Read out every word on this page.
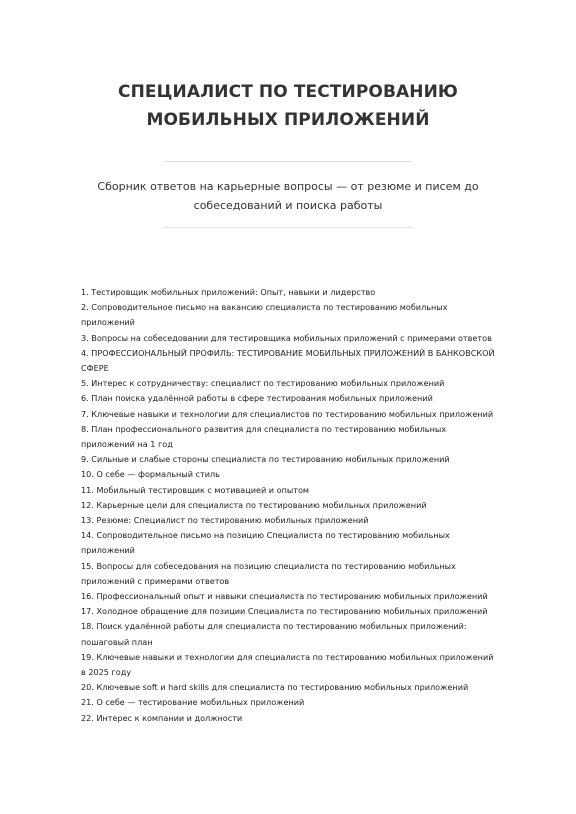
СПЕЦИАЛИСТ ПО ТЕСТИРОВАНИЮ
МОБИЛЬНЫХ ПРИЛОЖЕНИЙ
Сборник ответов на карьерные вопросы — от резюме и писем до собеседований и поиска работы
1. Тестировщик мобильных приложений: Опыт, навыки и лидерство
2. Сопроводительное письмо на вакансию специалиста по тестированию мобильных приложений
3. Вопросы на собеседовании для тестировщика мобильных приложений с примерами ответов
4. ПРОФЕССИОНАЛЬНЫЙ ПРОФИЛЬ: ТЕСТИРОВАНИЕ МОБИЛЬНЫХ ПРИЛОЖЕНИЙ В БАНКОВСКОЙ СФЕРЕ
5. Интерес к сотрудничеству: специалист по тестированию мобильных приложений
6. План поиска удалённой работы в сфере тестирования мобильных приложений
7. Ключевые навыки и технологии для специалистов по тестированию мобильных приложений
8. План профессионального развития для специалиста по тестированию мобильных приложений на 1 год
9. Сильные и слабые стороны специалиста по тестированию мобильных приложений
10. О себе — формальный стиль
11. Мобильный тестировщик с мотивацией и опытом
12. Карьерные цели для специалиста по тестированию мобильных приложений
13. Резюме: Специалист по тестированию мобильных приложений
14. Сопроводительное письмо на позицию Специалиста по тестированию мобильных приложений
15. Вопросы для собеседования на позицию специалиста по тестированию мобильных приложений с примерами ответов
16. Профессиональный опыт и навыки специалиста по тестированию мобильных приложений
17. Холодное обращение для позиции Специалиста по тестированию мобильных приложений
18. Поиск удалённой работы для специалиста по тестированию мобильных приложений: пошаговый план
19. Ключевые навыки и технологии для специалиста по тестированию мобильных приложений в 2025 году
20. Ключевые soft и hard skills для специалиста по тестированию мобильных приложений
21. О себе — тестирование мобильных приложений
22. Интерес к компании и должности
